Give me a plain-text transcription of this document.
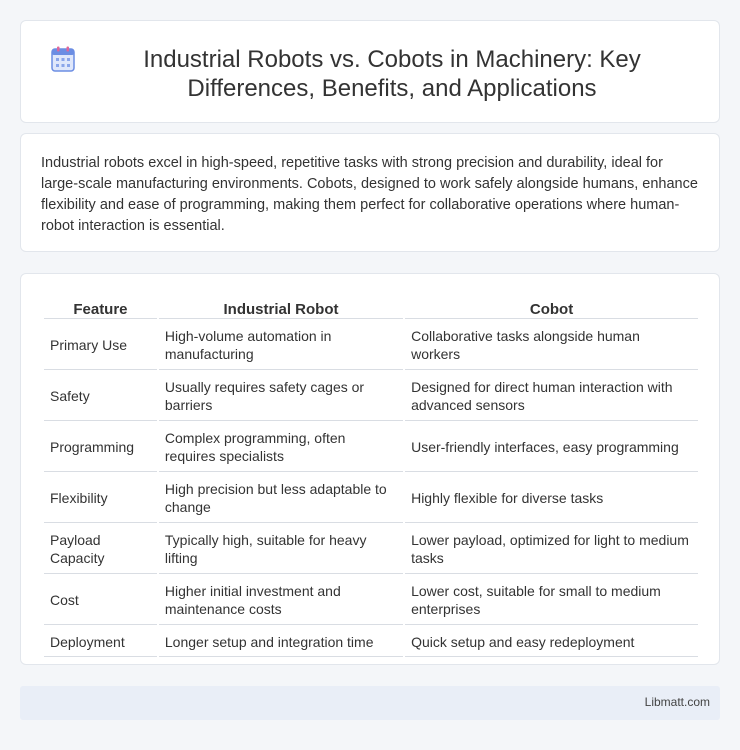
Industrial Robots vs. Cobots in Machinery: Key Differences, Benefits, and Applications

Industrial robots excel in high-speed, repetitive tasks with strong precision and durability, ideal for large-scale manufacturing environments. Cobots, designed to work safely alongside humans, enhance flexibility and ease of programming, making them perfect for collaborative operations where human-robot interaction is essential.

Feature	Industrial Robot	Cobot
Primary Use	High-volume automation in manufacturing	Collaborative tasks alongside human workers
Safety	Usually requires safety cages or barriers	Designed for direct human interaction with advanced sensors
Programming	Complex programming, often requires specialists	User-friendly interfaces, easy programming
Flexibility	High precision but less adaptable to change	Highly flexible for diverse tasks
Payload Capacity	Typically high, suitable for heavy lifting	Lower payload, optimized for light to medium tasks
Cost	Higher initial investment and maintenance costs	Lower cost, suitable for small to medium enterprises
Deployment	Longer setup and integration time	Quick setup and easy redeployment
Libmatt.com
